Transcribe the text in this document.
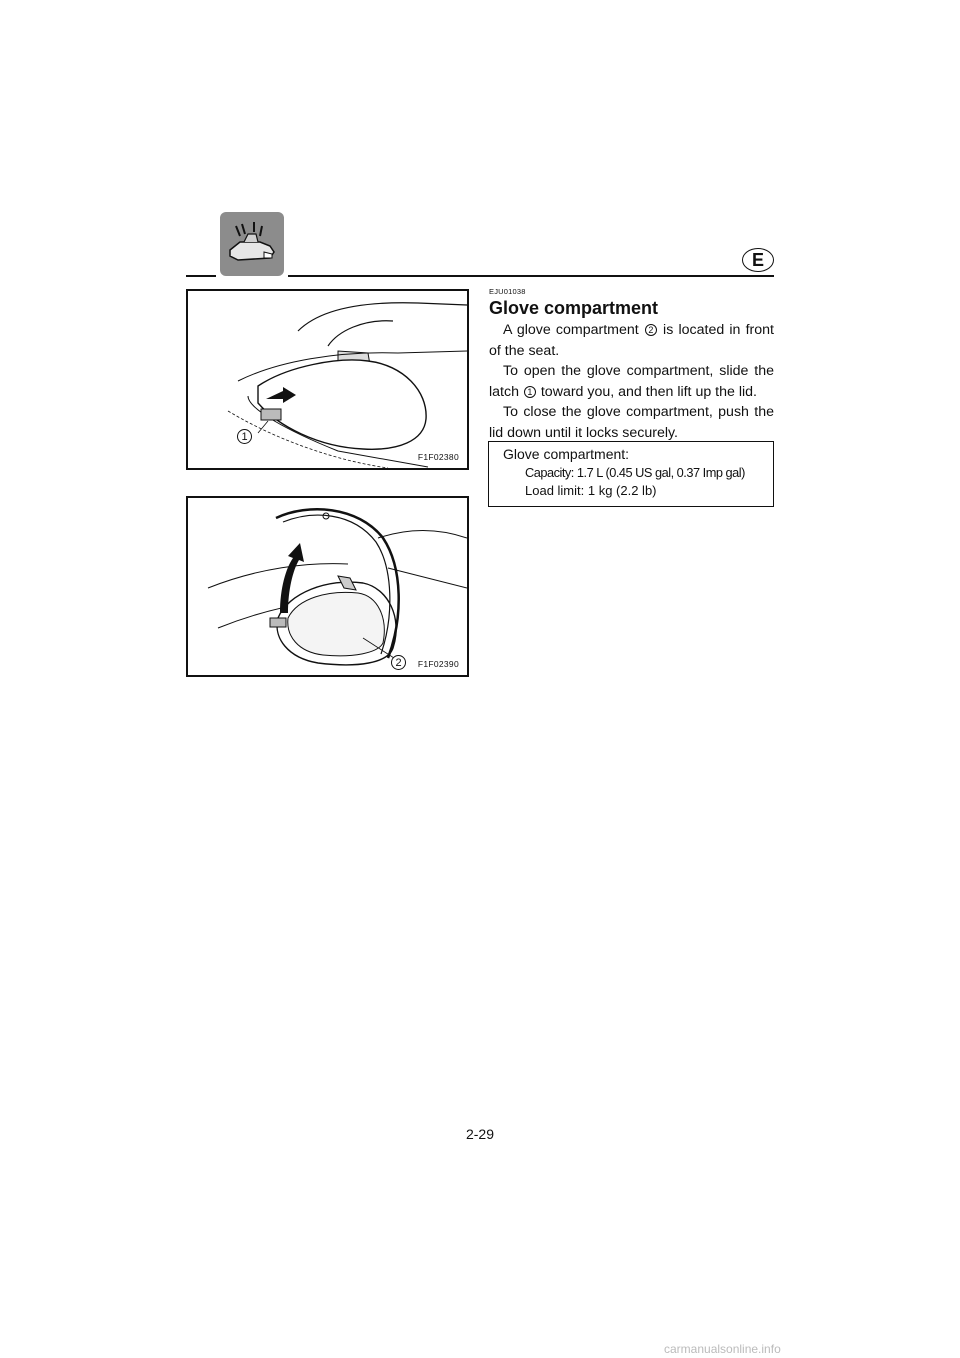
E
1
F1F02380
2	F1F02390
EJU01038
Glove compartment

A glove compartment 2 is located in front of the seat.

To open the glove compartment, slide the latch 1 toward you, and then lift up the lid.

To close the glove compartment, push the lid down until it locks securely.

Glove compartment:

Capacity: 1.7 L (0.45 US gal, 0.37 Imp gal)

Load limit: 1 kg (2.2 lb)

2-29
carmanualsonline.info
